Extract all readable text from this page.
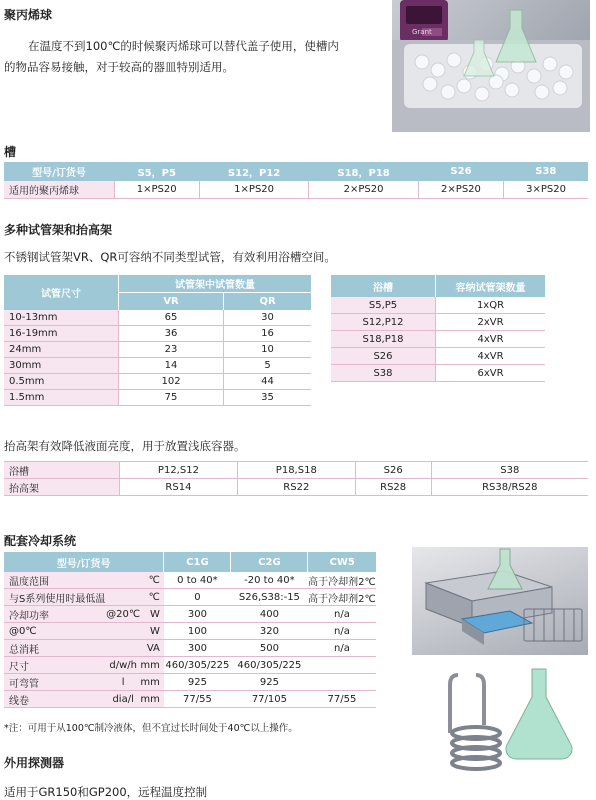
聚丙烯球
在温度不到100℃的时候聚丙烯球可以替代盖子使用，使槽内
的物品容易接触，对于较高的器皿特别适用。
Grant
槽
型号/订货号	S5，P5	S12，P12	S18，P18	S26	S38
适用的聚丙烯球	1×PS20	1×PS20	2×PS20	2×PS20	3×PS20
多种试管架和抬高架
不锈钢试管架VR、QR可容纳不同类型试管，有效利用浴槽空间。
试管尺寸	试管架中试管数量	
	VR	QR
10-13mm	65	30
16-19mm	36	16
24mm	23	10
30mm	14	5
0.5mm	102	44
1.5mm	75	35
浴槽	容纳试管架数量
S5,P5	1xQR
S12,P12	2xVR
S18,P18	4xVR
S26	4xVR
S38	6xVR
抬高架有效降低液面亮度，用于放置浅底容器。
浴槽	P12,S12	P18,S18	S26	S38
抬高架	RS14	RS22	RS28	RS38/RS28
配套冷却系统
型号/订货号			C1G	C2G	CW5
温度范围		℃	0 to 40*	-20 to 40*	高于冷却剂2℃
与S系列使用时最低温		℃	0	S26,S38:-15	高于冷却剂2℃
冷却功率	@20℃	W	300	400	n/a
@0℃		W	100	320	n/a
总消耗		VA	300	500	n/a
尺寸	d/w/h	mm	460/305/225	460/305/225	
可弯管	l	mm	925	925	
线卷	dia/l	mm	77/55	77/105	77/55
*注：可用于从100℃制冷液体，但不宜过长时间处于40℃以上操作。
外用探测器
适用于GR150和GP200，远程温度控制
